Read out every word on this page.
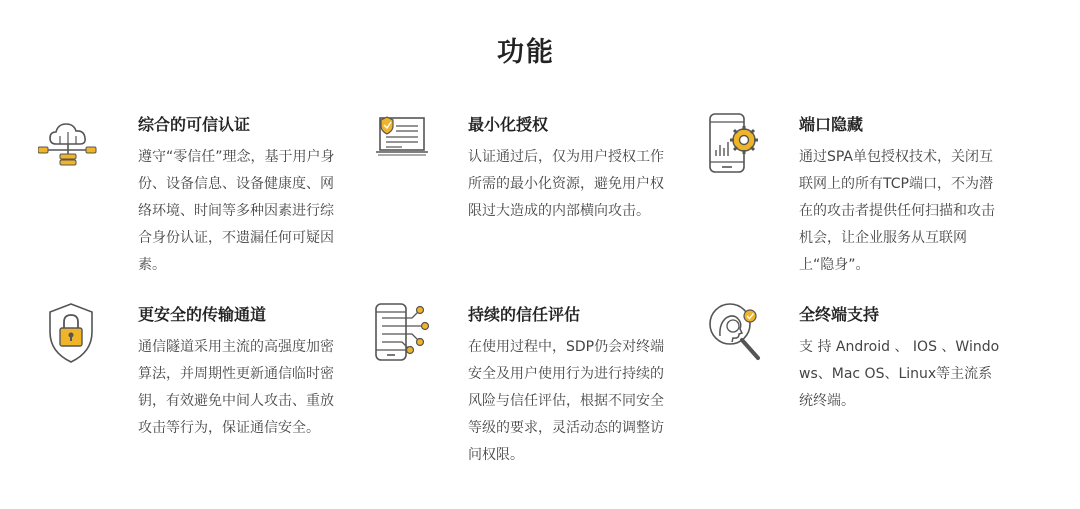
功能
综合的可信认证
遵守“零信任”理念，基于用户身份、设备信息、设备健康度、网络环境、时间等多种因素进行综合身份认证，不遗漏任何可疑因素。
最小化授权
认证通过后，仅为用户授权工作所需的最小化资源，避免用户权限过大造成的内部横向攻击。
端口隐藏
通过SPA单包授权技术，关闭互联网上的所有TCP端口，不为潜在的攻击者提供任何扫描和攻击机会，让企业服务从互联网上“隐身”。
更安全的传输通道
通信隧道采用主流的高强度加密算法，并周期性更新通信临时密钥，有效避免中间人攻击、重放攻击等行为，保证通信安全。
持续的信任评估
在使用过程中，SDP仍会对终端安全及用户使用行为进行持续的风险与信任评估，根据不同安全等级的要求，灵活动态的调整访问权限。
全终端支持
支 持 Android 、 IOS 、Windows、Mac OS、Linux等主流系统终端。
